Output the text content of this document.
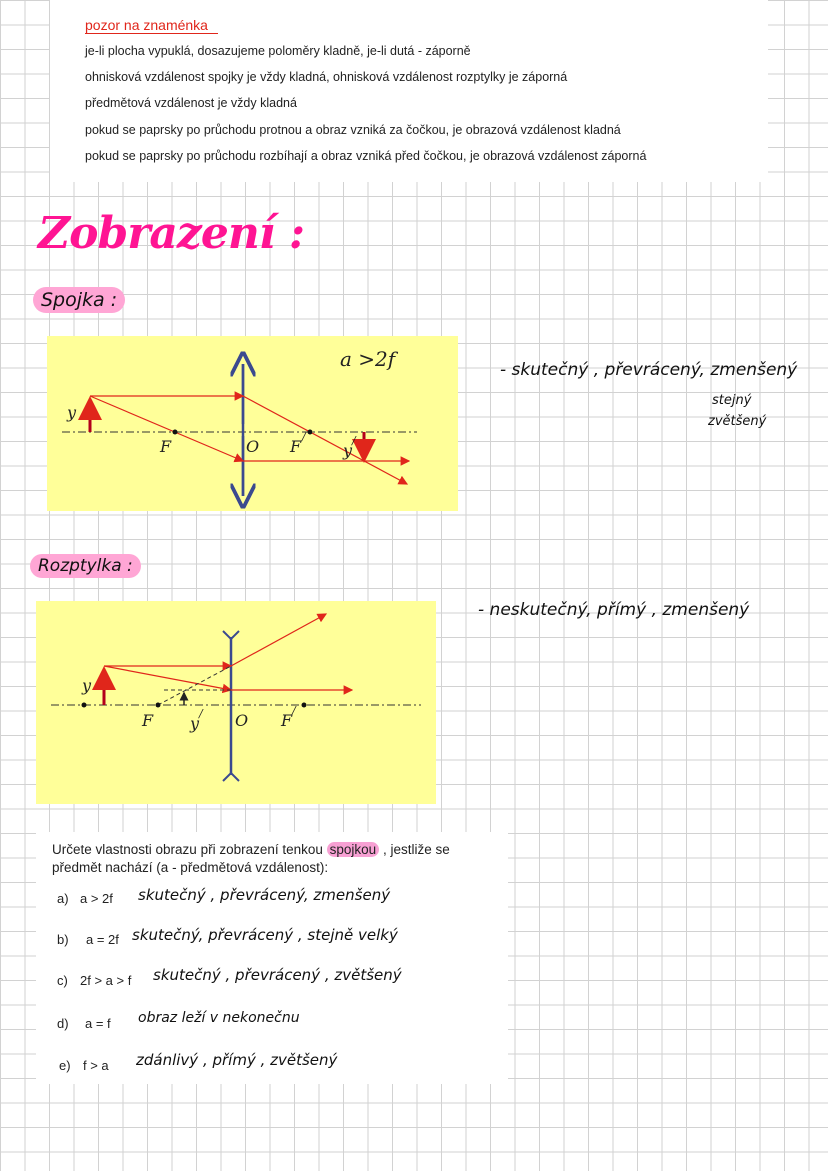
pozor na znaménka
je-li plocha vypuklá, dosazujeme poloměry kladně, je-li dutá - záporně
ohnisková vzdálenost spojky je vždy kladná, ohnisková vzdálenost rozptylky je záporná
předmětová vzdálenost je vždy kladná
pokud se paprsky po průchodu protnou a obraz vzniká za čočkou, je obrazová vzdálenost kladná
pokud se paprsky po průchodu rozbíhají a obraz vzniká před čočkou, je obrazová vzdálenost záporná
Zobrazení :
Spojka :
a >2f
y
F	O F
/
y
/
- skutečný , převrácený, zmenšený
stejný
zvětšený
Rozptylka :
y
F y
/ O F
/
- neskutečný, přímý , zmenšený
Určete vlastnosti obrazu při zobrazení tenkou spojkou , jestliže se
předmět nachází (a - předmětová vzdálenost):
a) a > 2f skutečný , převrácený, zmenšený
b) a = 2f skutečný, převrácený , stejně velký
c) 2f > a > f skutečný , převrácený , zvětšený
d) a = f obraz leží v nekonečnu
e) f > a zdánlivý , přímý , zvětšený
